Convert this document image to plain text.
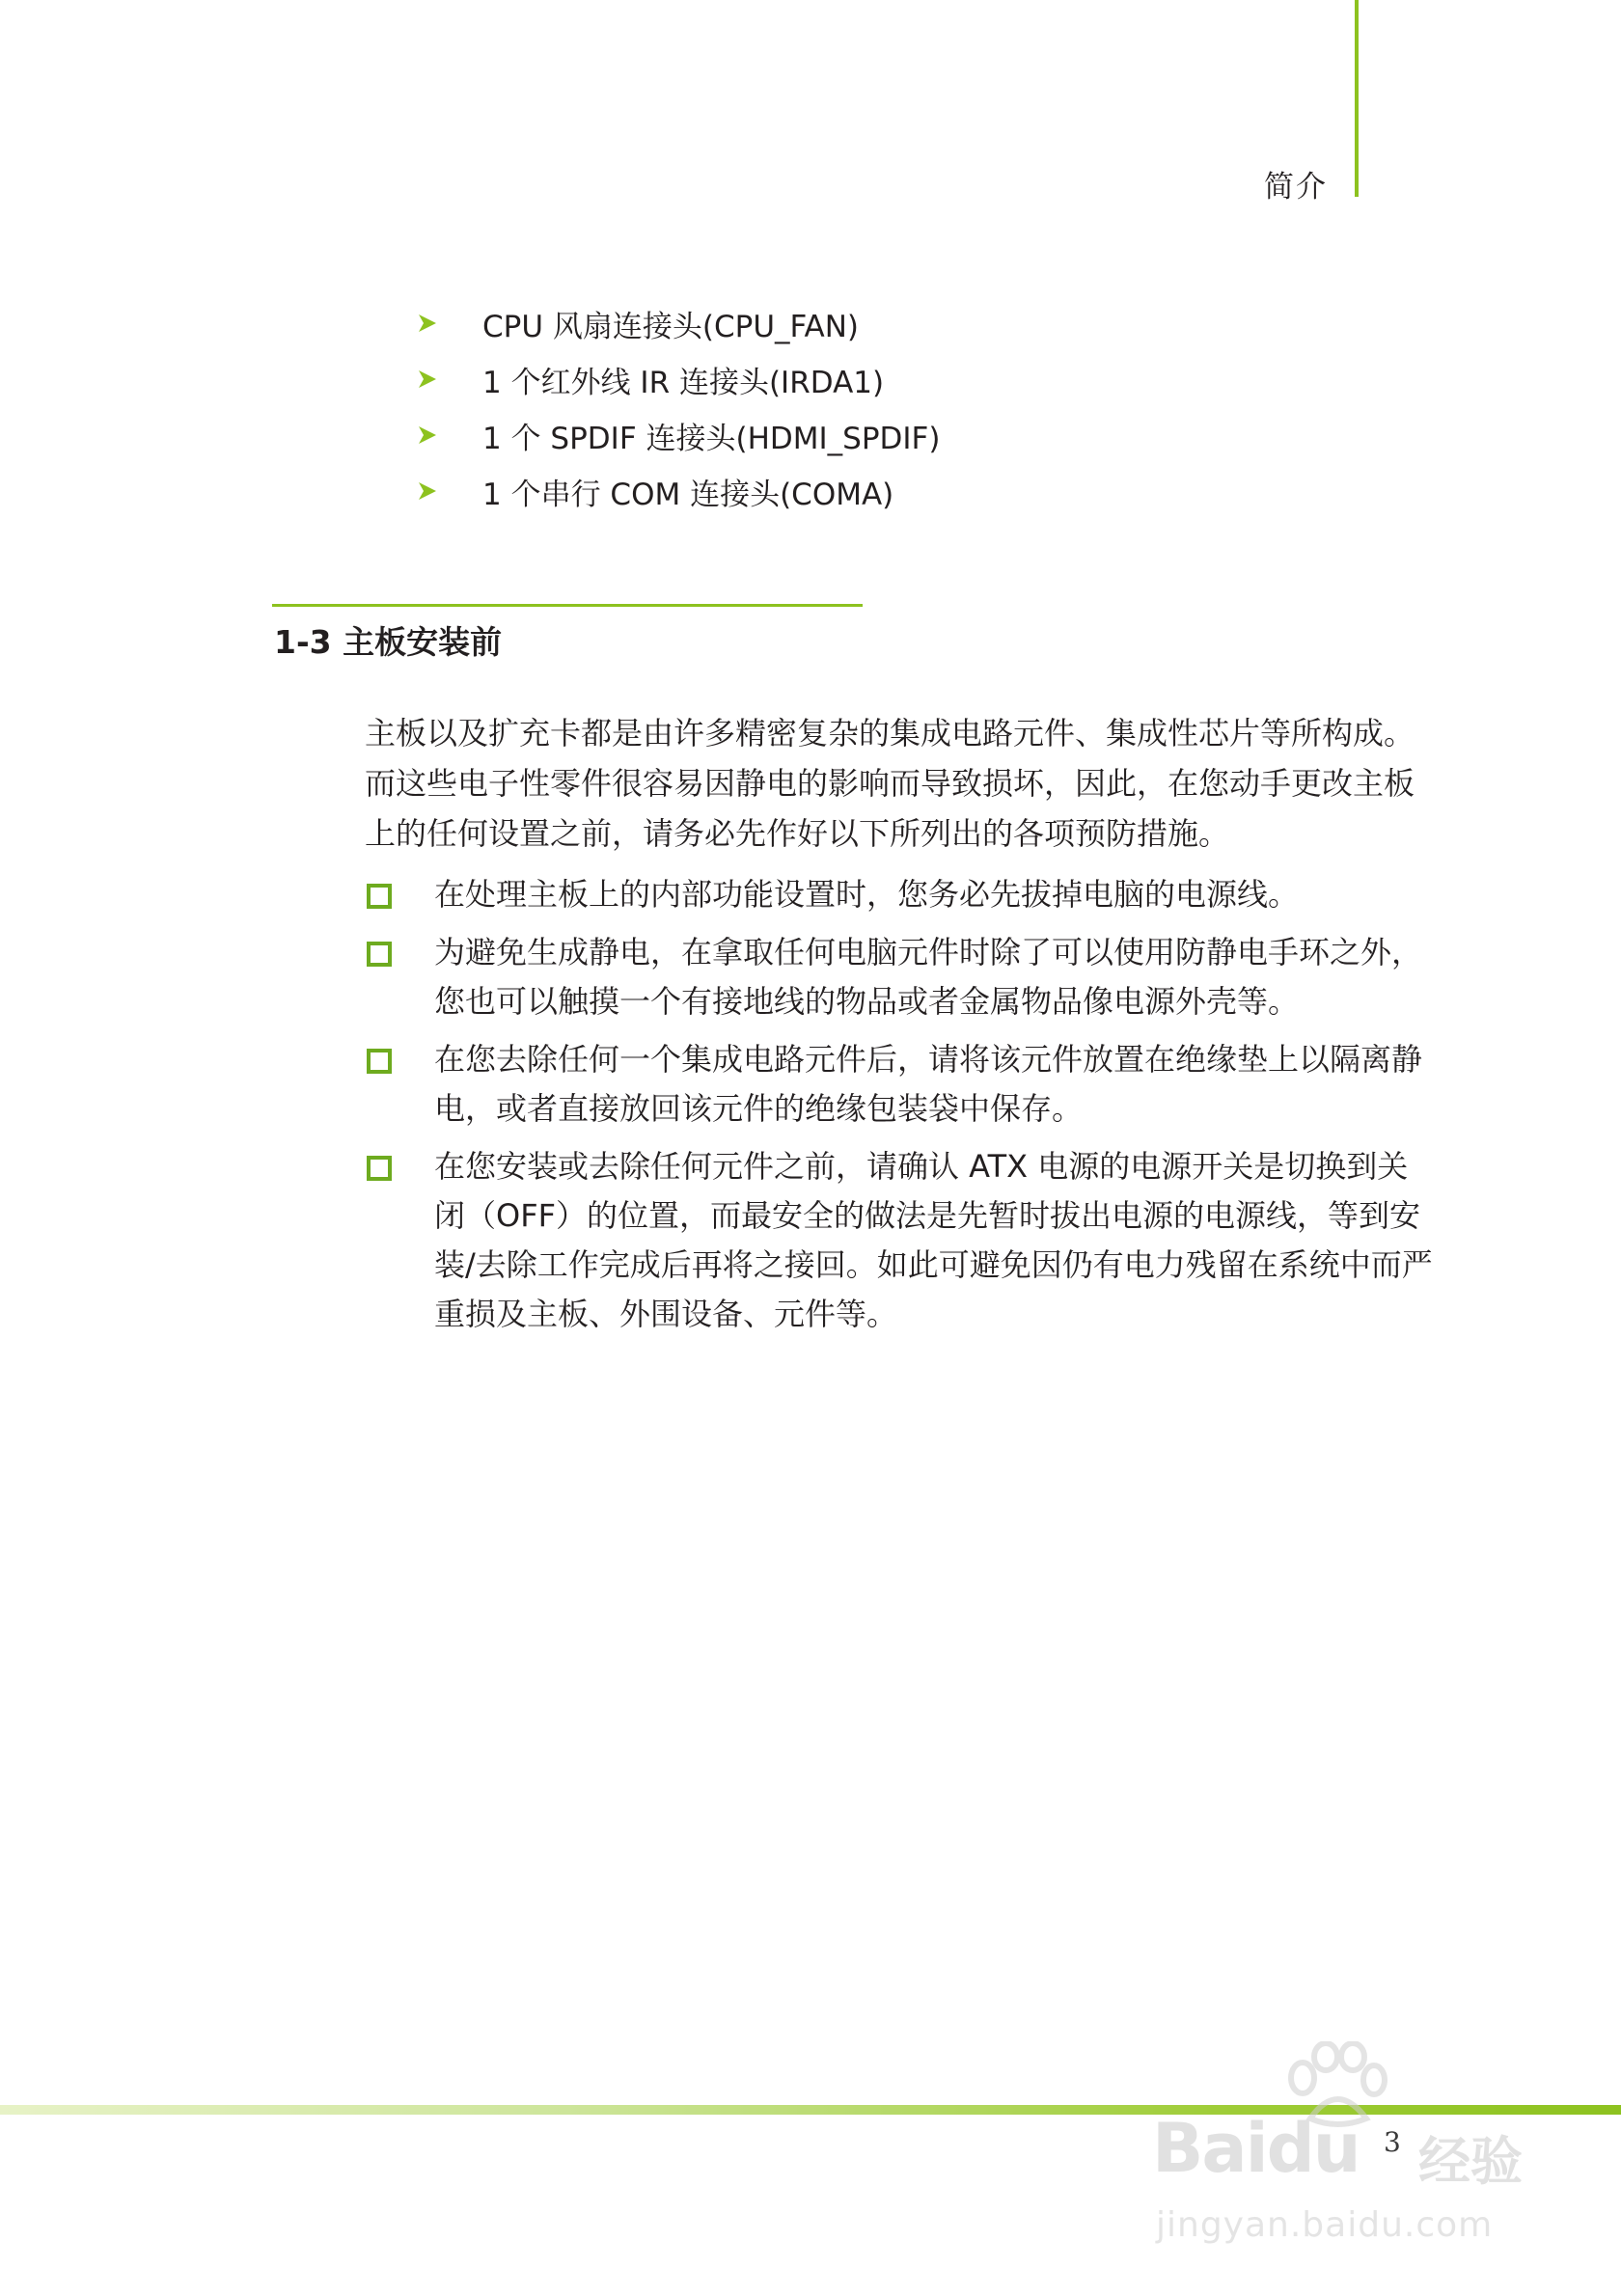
简介
CPU 风扇连接头(CPU_FAN)
1 个红外线 IR 连接头(IRDA1)
1 个 SPDIF 连接头(HDMI_SPDIF)
1 个串行 COM 连接头(COMA)
1-3 主板安装前

主板以及扩充卡都是由许多精密复杂的集成电路元件、集成性芯片等所构成。而这些电子性零件很容易因静电的影响而导致损坏，因此，在您动手更改主板上的任何设置之前，请务必先作好以下所列出的各项预防措施。

在处理主板上的内部功能设置时，您务必先拔掉电脑的电源线。
为避免生成静电，在拿取任何电脑元件时除了可以使用防静电手环之外，您也可以触摸一个有接地线的物品或者金属物品像电源外壳等。
在您去除任何一个集成电路元件后，请将该元件放置在绝缘垫上以隔离静电，或者直接放回该元件的绝缘包装袋中保存。
在您安装或去除任何元件之前，请确认 ATX 电源的电源开关是切换到关闭（OFF）的位置，而最安全的做法是先暂时拔出电源的电源线，等到安装/去除工作完成后再将之接回。如此可避免因仍有电力残留在系统中而严重损及主板、外围设备、元件等。
3
Baidu 经验
jingyan.baidu.com
